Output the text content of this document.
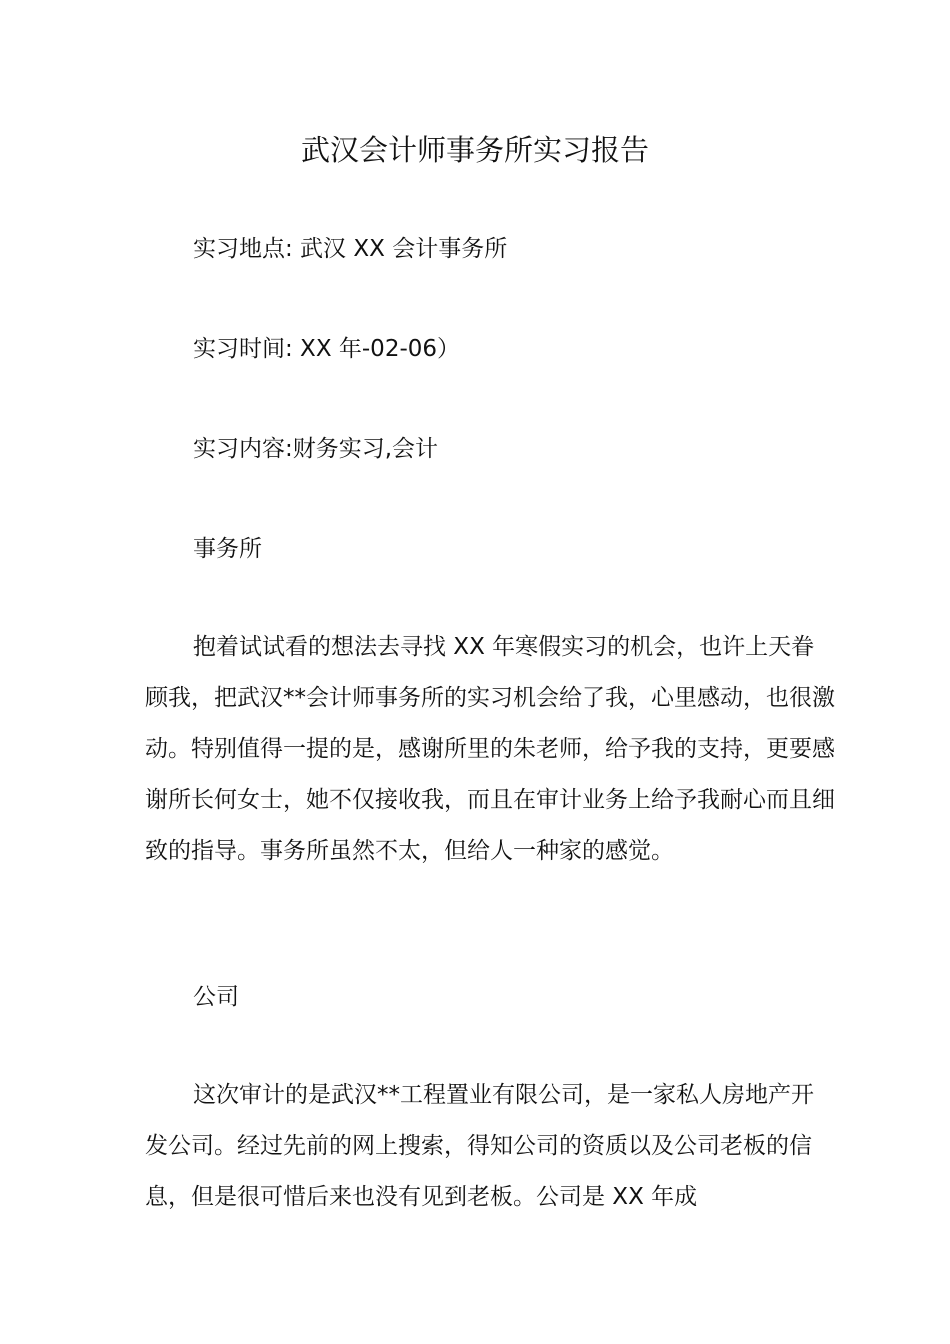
武汉会计师事务所实习报告
实习地点: 武汉 XX 会计事务所
实习时间: XX 年-02-06）
实习内容:财务实习,会计
事务所

抱着试试看的想法去寻找 XX 年寒假实习的机会，也许上天眷顾我，把武汉**会计师事务所的实习机会给了我，心里感动，也很激动。特别值得一提的是，感谢所里的朱老师，给予我的支持，更要感谢所长何女士，她不仅接收我，而且在审计业务上给予我耐心而且细致的指导。事务所虽然不太，但给人一种家的感觉。

公司

这次审计的是武汉**工程置业有限公司，是一家私人房地产开发公司。经过先前的网上搜索，得知公司的资质以及公司老板的信息，但是很可惜后来也没有见到老板。公司是 XX 年成
